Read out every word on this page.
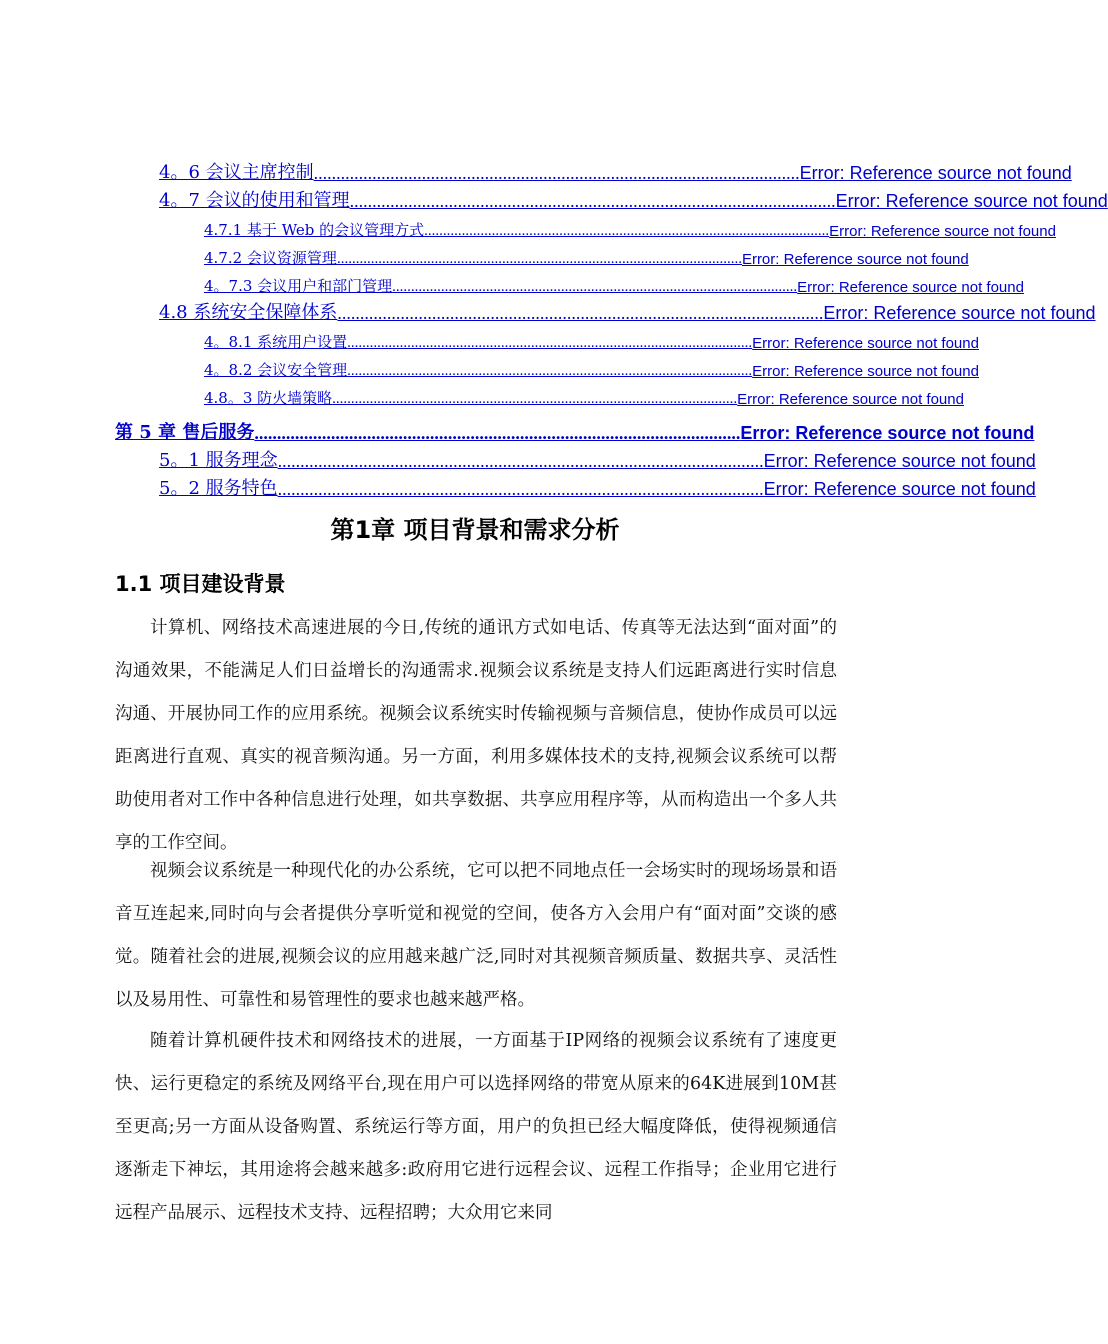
4。6 会议主席控制 ............................................................................................................ Error: Reference source not found
4。7 会议的使用和管理 ............................................................................................................ Error: Reference source not found
4.7.1 基于 Web 的会议管理方式 ............................................................................................................ Error: Reference source not found
4.7.2 会议资源管理 ............................................................................................................ Error: Reference source not found
4。7.3 会议用户和部门管理 ............................................................................................................ Error: Reference source not found
4.8 系统安全保障体系 ............................................................................................................ Error: Reference source not found
4。8.1 系统用户设置 ............................................................................................................ Error: Reference source not found
4。8.2 会议安全管理 ............................................................................................................ Error: Reference source not found
4.8。3 防火墙策略 ............................................................................................................ Error: Reference source not found
第 5 章 售后服务 ............................................................................................................ Error: Reference source not found
5。1 服务理念 ............................................................................................................ Error: Reference source not found
5。2 服务特色 ............................................................................................................ Error: Reference source not found
第1章 项目背景和需求分析
1.1 项目建设背景

计算机、网络技术高速进展的今日,传统的通讯方式如电话、传真等无法达到“面对面”的沟通效果，不能满足人们日益增长的沟通需求.视频会议系统是支持人们远距离进行实时信息沟通、开展协同工作的应用系统。视频会议系统实时传输视频与音频信息，使协作成员可以远距离进行直观、真实的视音频沟通。另一方面，利用多媒体技术的支持,视频会议系统可以帮助使用者对工作中各种信息进行处理，如共享数据、共享应用程序等，从而构造出一个多人共享的工作空间。

视频会议系统是一种现代化的办公系统，它可以把不同地点任一会场实时的现场场景和语音互连起来,同时向与会者提供分享听觉和视觉的空间，使各方入会用户有“面对面”交谈的感觉。随着社会的进展,视频会议的应用越来越广泛,同时对其视频音频质量、数据共享、灵活性以及易用性、可靠性和易管理性的要求也越来越严格。

随着计算机硬件技术和网络技术的进展，一方面基于IP网络的视频会议系统有了速度更快、运行更稳定的系统及网络平台,现在用户可以选择网络的带宽从原来的64K进展到10M甚至更高;另一方面从设备购置、系统运行等方面，用户的负担已经大幅度降低，使得视频通信逐渐走下神坛，其用途将会越来越多:政府用它进行远程会议、远程工作指导；企业用它进行远程产品展示、远程技术支持、远程招聘；大众用它来同
